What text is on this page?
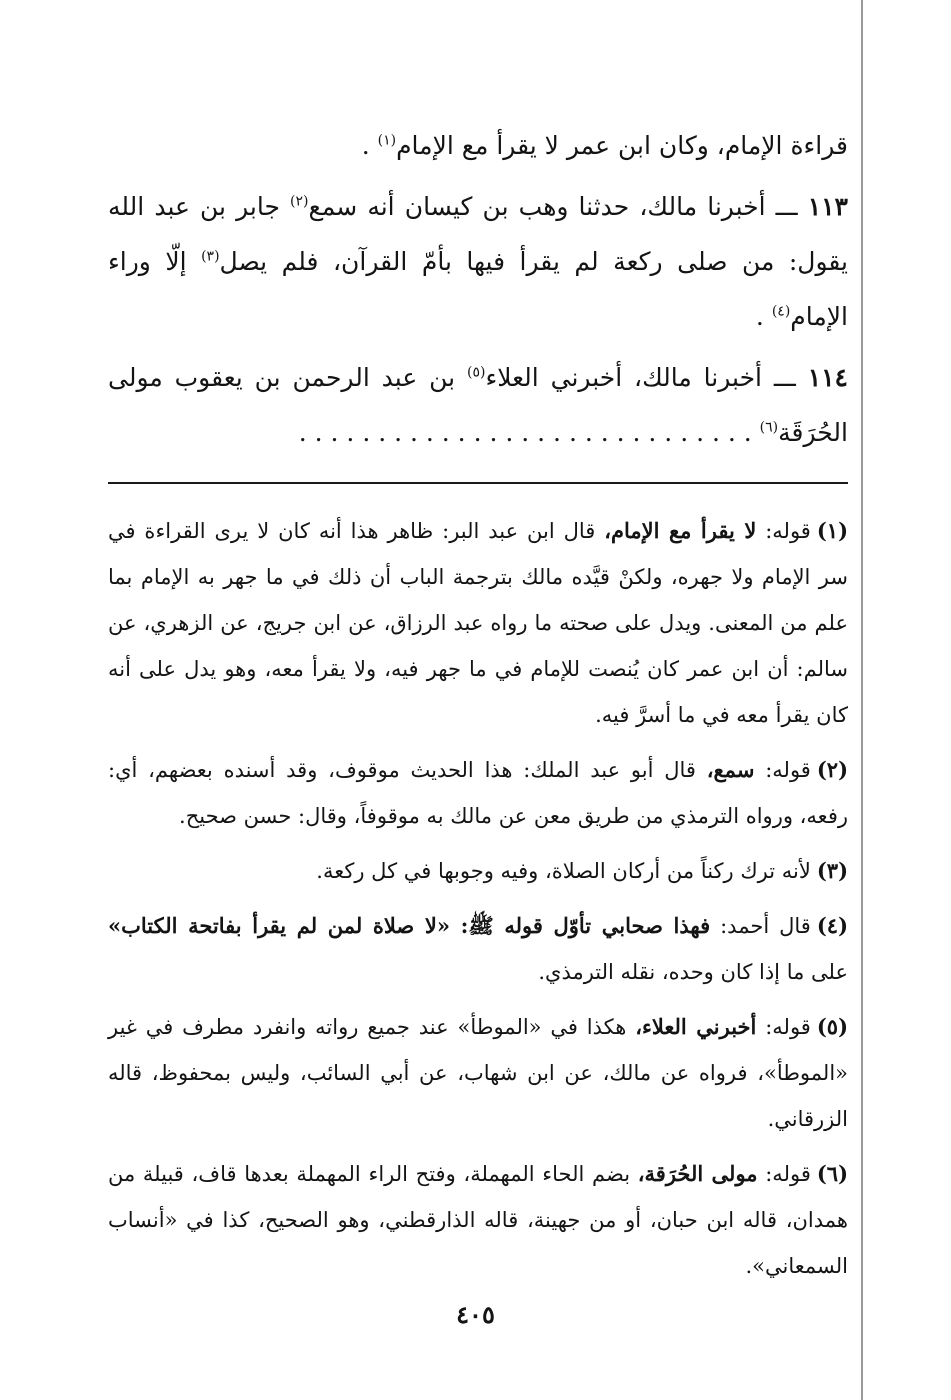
قراءة الإمام، وكان ابن عمر لا يقرأ مع الإمام$^{(١)}$ .

١١٣ ـــ أخبرنا مالك، حدثنا وهب بن كيسان أنه سمع$^{(٢)}$ جابر بن عبد الله يقول: من صلى ركعة لم يقرأ فيها بأمّ القرآن، فلم يصل$^{(٣)}$ إلّا وراء الإمام$^{(٤)}$ .

١١٤ ـــ أخبرنا مالك، أخبرني العلاء$^{(٥)}$ بن عبد الرحمن بن يعقوب مولى الحُرَقَة$^{(٦)}$ . . . . . . . . . . . . . . . . . . . . . . . . . . . . .

(١)قوله: لا يقرأ مع الإمام، قال ابن عبد البر: ظاهر هذا أنه كان لا يرى القراءة في سر الإمام ولا جهره، ولكنْ قيَّده مالك بترجمة الباب أن ذلك في ما جهر به الإمام بما علم من المعنى. ويدل على صحته ما رواه عبد الرزاق، عن ابن جريج، عن الزهري، عن سالم: أن ابن عمر كان يُنصت للإمام في ما جهر فيه، ولا يقرأ معه، وهو يدل على أنه كان يقرأ معه في ما أسرَّ فيه.

(٢)قوله: سمع، قال أبو عبد الملك: هذا الحديث موقوف، وقد أسنده بعضهم، أي: رفعه، ورواه الترمذي من طريق معن عن مالك به موقوفاً، وقال: حسن صحيح.

(٣)لأنه ترك ركناً من أركان الصلاة، وفيه وجوبها في كل ركعة.

(٤)قال أحمد: فهذا صحابي تأوّل قوله ﷺ: «لا صلاة لمن لم يقرأ بفاتحة الكتاب» على ما إذا كان وحده، نقله الترمذي.

(٥)قوله: أخبرني العلاء، هكذا في «الموطأ» عند جميع رواته وانفرد مطرف في غير «الموطأ»، فرواه عن مالك، عن ابن شهاب، عن أبي السائب، وليس بمحفوظ، قاله الزرقاني.

(٦)قوله: مولى الحُرَقة، بضم الحاء المهملة، وفتح الراء المهملة بعدها قاف، قبيلة من همدان، قاله ابن حبان، أو من جهينة، قاله الذارقطني، وهو الصحيح، كذا في «أنساب السمعاني».

٤٠٥
